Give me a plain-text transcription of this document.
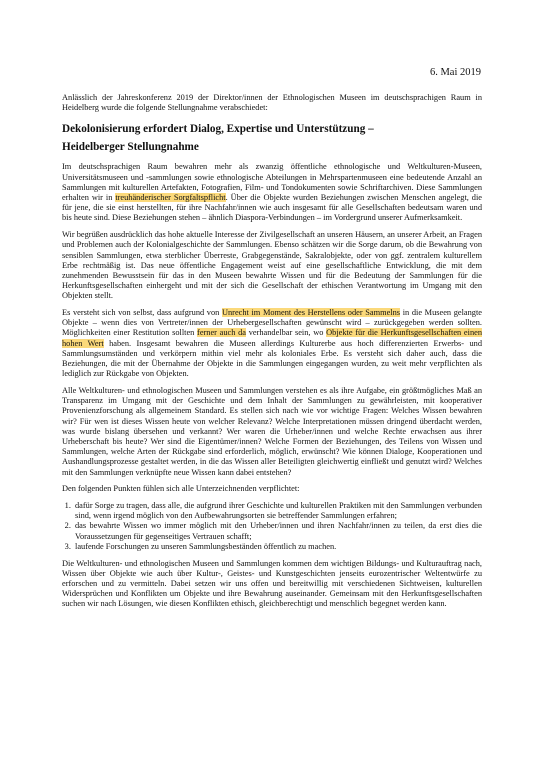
6. Mai 2019

Anlässlich der Jahreskonferenz 2019 der Direktor/innen der Ethnologischen Museen im deutschsprachigen Raum in Heidelberg wurde die folgende Stellungnahme verabschiedet:

Dekolonisierung erfordert Dialog, Expertise und Unterstützung –
Heidelberger Stellungnahme

Im deutschsprachigen Raum bewahren mehr als zwanzig öffentliche ethnologische und Weltkulturen-Museen, Universitätsmuseen und -sammlungen sowie ethnologische Abteilungen in Mehrspartenmuseen eine bedeutende Anzahl an Sammlungen mit kulturellen Artefakten, Fotografien, Film- und Tondokumenten sowie Schriftarchiven. Diese Sammlungen erhalten wir in treuhänderischer Sorgfaltspflicht. Über die Objekte wurden Beziehungen zwischen Menschen angelegt, die für jene, die sie einst herstellten, für ihre Nachfahr/innen wie auch insgesamt für alle Gesellschaften bedeutsam waren und bis heute sind. Diese Beziehungen stehen – ähnlich Diaspora-Verbindungen – im Vordergrund unserer Aufmerksamkeit.

Wir begrüßen ausdrücklich das hohe aktuelle Interesse der Zivilgesellschaft an unseren Häusern, an unserer Arbeit, an Fragen und Problemen auch der Kolonialgeschichte der Sammlungen. Ebenso schätzen wir die Sorge darum, ob die Bewahrung von sensiblen Sammlungen, etwa sterblicher Überreste, Grabgegenstände, Sakralobjekte, oder von ggf. zentralem kulturellem Erbe rechtmäßig ist. Das neue öffentliche Engagement weist auf eine gesellschaftliche Entwicklung, die mit dem zunehmenden Bewusstsein für das in den Museen bewahrte Wissen und für die Bedeutung der Sammlungen für die Herkunftsgesellschaften einhergeht und mit der sich die Gesellschaft der ethischen Verantwortung im Umgang mit den Objekten stellt.

Es versteht sich von selbst, dass aufgrund von Unrecht im Moment des Herstellens oder Sammelns in die Museen gelangte Objekte – wenn dies von Vertreter/innen der Urhebergesellschaften gewünscht wird – zurückgegeben werden sollten. Möglichkeiten einer Restitution sollten ferner auch da verhandelbar sein, wo Objekte für die Herkunftsgesellschaften einen hohen Wert haben. Insgesamt bewahren die Museen allerdings Kulturerbe aus hoch differenzierten Erwerbs- und Sammlungsumständen und verkörpern mithin viel mehr als koloniales Erbe. Es versteht sich daher auch, dass die Beziehungen, die mit der Übernahme der Objekte in die Sammlungen eingegangen wurden, zu weit mehr verpflichten als lediglich zur Rückgabe von Objekten.

Alle Weltkulturen- und ethnologischen Museen und Sammlungen verstehen es als ihre Aufgabe, ein größtmögliches Maß an Transparenz im Umgang mit der Geschichte und dem Inhalt der Sammlungen zu gewährleisten, mit kooperativer Provenienzforschung als allgemeinem Standard. Es stellen sich nach wie vor wichtige Fragen: Welches Wissen bewahren wir? Für wen ist dieses Wissen heute von welcher Relevanz? Welche Interpretationen müssen dringend überdacht werden, was wurde bislang übersehen und verkannt? Wer waren die Urheber/innen und welche Rechte erwachsen aus ihrer Urheberschaft bis heute? Wer sind die Eigentümer/innen? Welche Formen der Beziehungen, des Teilens von Wissen und Sammlungen, welche Arten der Rückgabe sind erforderlich, möglich, erwünscht? Wie können Dialoge, Kooperationen und Aushandlungsprozesse gestaltet werden, in die das Wissen aller Beteiligten gleichwertig einfließt und genutzt wird? Welches mit den Sammlungen verknüpfte neue Wissen kann dabei entstehen?

Den folgenden Punkten fühlen sich alle Unterzeichnenden verpflichtet:

1. dafür Sorge zu tragen, dass alle, die aufgrund ihrer Geschichte und kulturellen Praktiken mit den Sammlungen verbunden sind, wenn irgend möglich von den Aufbewahrungsorten sie betreffender Sammlungen erfahren;
2. das bewahrte Wissen wo immer möglich mit den Urheber/innen und ihren Nachfahr/innen zu teilen, da erst dies die Voraussetzungen für gegenseitiges Vertrauen schafft;
3. laufende Forschungen zu unseren Sammlungsbeständen öffentlich zu machen.

Die Weltkulturen- und ethnologischen Museen und Sammlungen kommen dem wichtigen Bildungs- und Kulturauftrag nach, Wissen über Objekte wie auch über Kultur-, Geistes- und Kunstgeschichten jenseits eurozentrischer Weltentwürfe zu erforschen und zu vermitteln. Dabei setzen wir uns offen und bereitwillig mit verschiedenen Sichtweisen, kulturellen Widersprüchen und Konflikten um Objekte und ihre Bewahrung auseinander. Gemeinsam mit den Herkunftsgesellschaften suchen wir nach Lösungen, wie diesen Konflikten ethisch, gleichberechtigt und menschlich begegnet werden kann.
